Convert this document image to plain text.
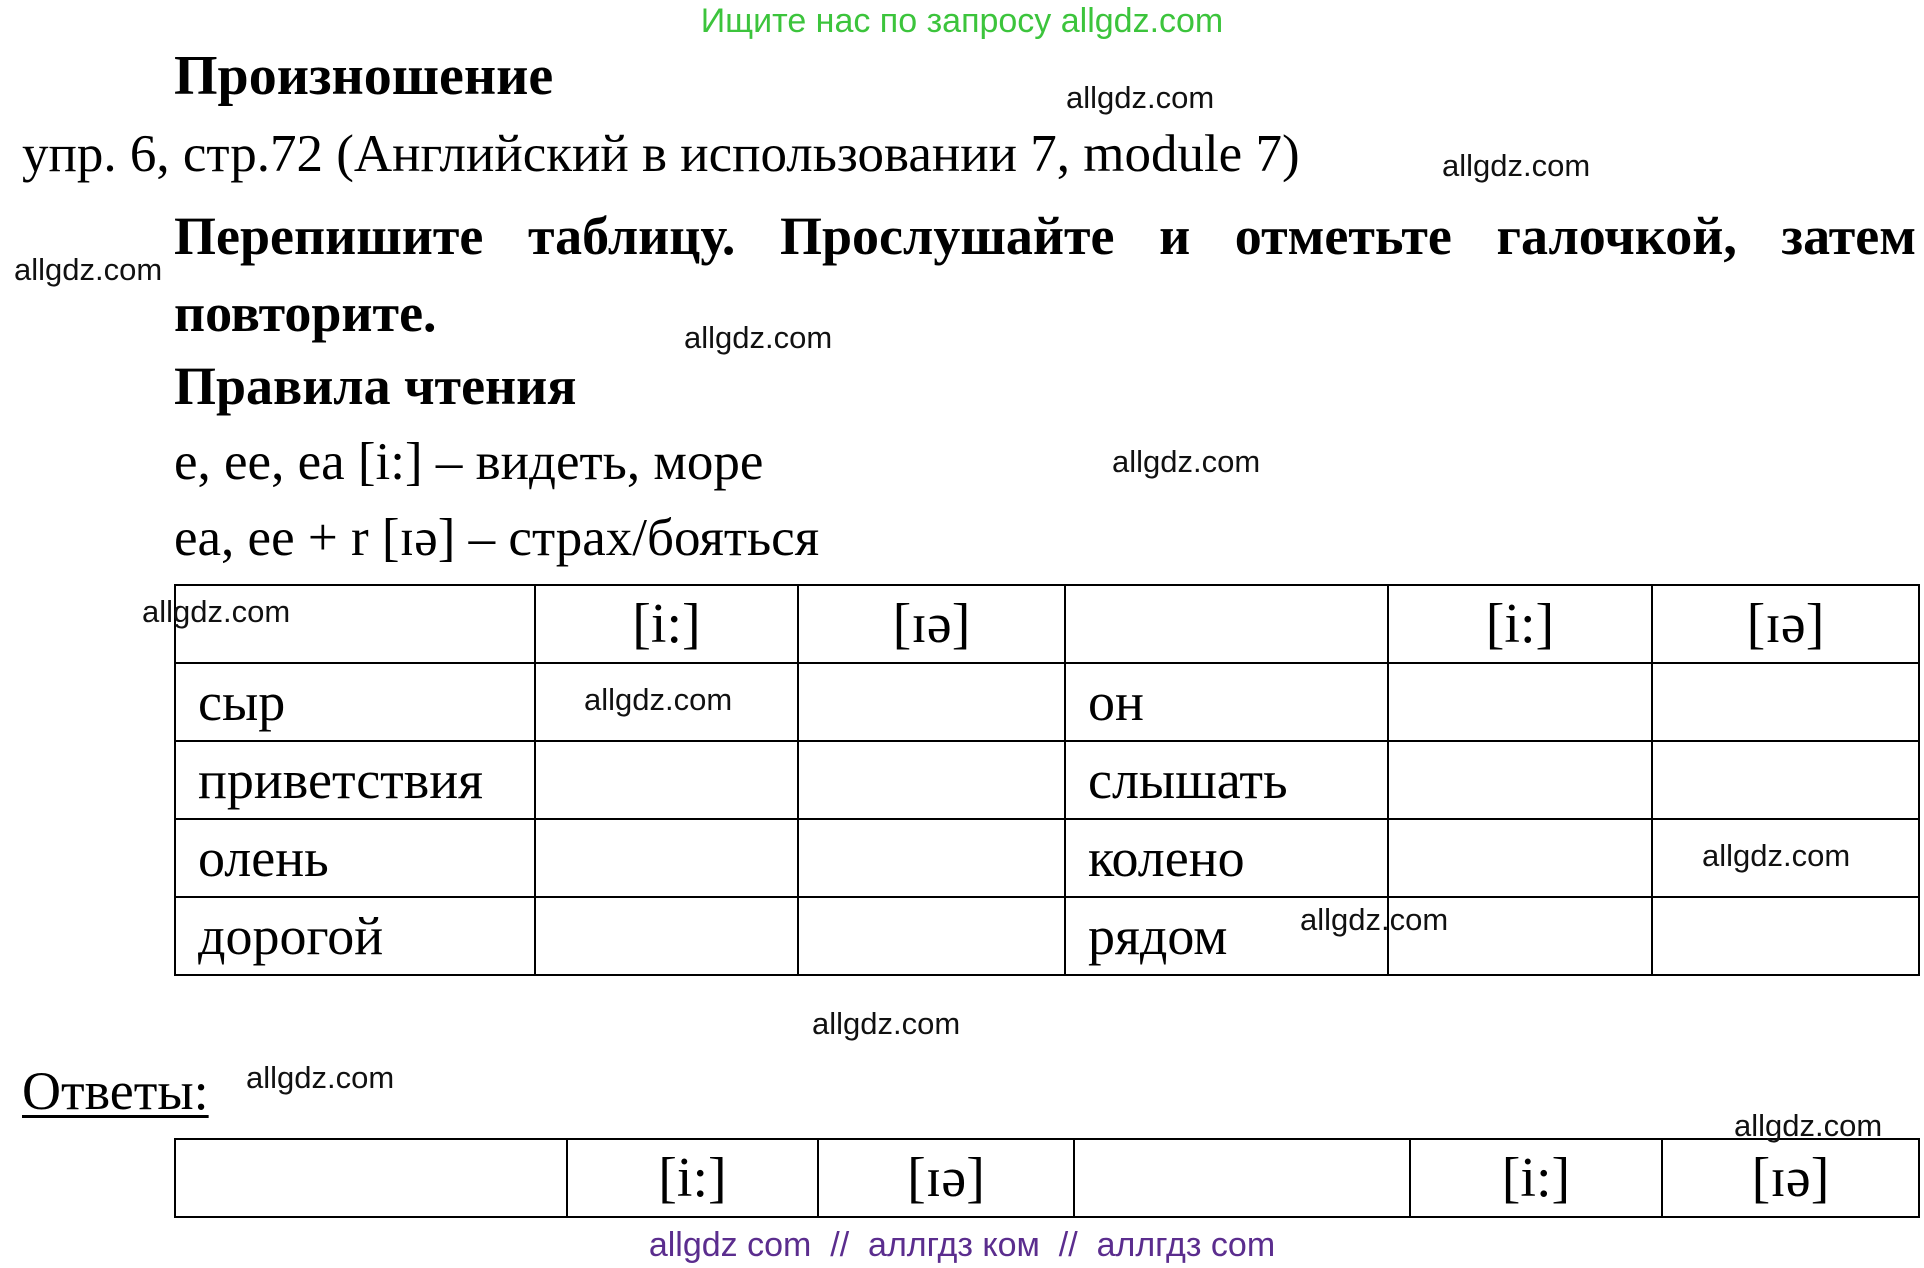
Ищите нас по запросу allgdz.com
Произношение
упр. 6, стр.72 (Английский в использовании 7, module 7)
Перепишите таблицу. Прослушайте и отметьте галочкой, затем повторите.
Правила чтения
e, ee, ea [i:] – видеть, море
ea, ee + r [ɪə] – страх/бояться
	[i:]	[ɪə]		[i:]	[ɪə]
сыр			он		
приветствия			слышать		
олень			колено		
дорогой			рядом		
Ответы:
	[i:]	[ɪə]		[i:]	[ɪə]
allgdz.com
allgdz.com
allgdz.com
allgdz.com
allgdz.com
allgdz.com
allgdz.com
allgdz.com
allgdz.com
allgdz.com
allgdz.com
allgdz.com
allgdz com  //  аллгдз ком  //  аллгдз com
